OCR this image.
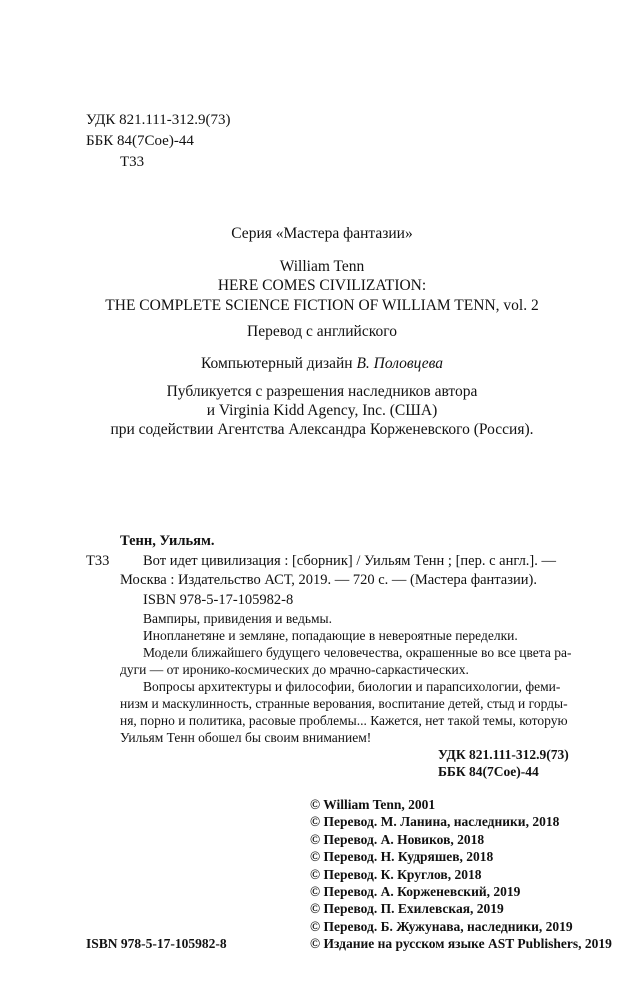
УДК 821.111-312.9(73)
ББК 84(7Сое)-44
Т33
Серия «Мастера фантазии»
William Tenn
HERE COMES CIVILIZATION:
THE COMPLETE SCIENCE FICTION OF WILLIAM TENN, vol. 2
Перевод с английского
Компьютерный дизайн В. Половцева
Публикуется с разрешения наследников автора
и Virginia Kidd Agency, Inc. (США)
при содействии Агентства Александра Корженевского (Россия).
Тенн, Уильям.
Т33 Вот идет цивилизация : [сборник] / Уильям Тенн ; [пер. с англ.]. —
Москва : Издательство АСТ, 2019. — 720 с. — (Мастера фантазии).
ISBN 978-5-17-105982-8
Вампиры, привидения и ведьмы.
Инопланетяне и земляне, попадающие в невероятные переделки.
Модели ближайшего будущего человечества, окрашенные во все цвета ра-
дуги — от иронико-космических до мрачно-саркастических.
Вопросы архитектуры и философии, биологии и парапсихологии, феми-
низм и маскулинность, странные верования, воспитание детей, стыд и горды-
ня, порно и политика, расовые проблемы... Кажется, нет такой темы, которую
Уильям Тенн обошел бы своим вниманием!
УДК 821.111-312.9(73)
ББК 84(7Сое)-44
© William Tenn, 2001
© Перевод. М. Ланина, наследники, 2018
© Перевод. А. Новиков, 2018
© Перевод. Н. Кудряшев, 2018
© Перевод. К. Круглов, 2018
© Перевод. А. Корженевский, 2019
© Перевод. П. Ехилевская, 2019
© Перевод. Б. Жужунава, наследники, 2019
© Издание на русском языке AST Publishers, 2019
ISBN 978-5-17-105982-8
